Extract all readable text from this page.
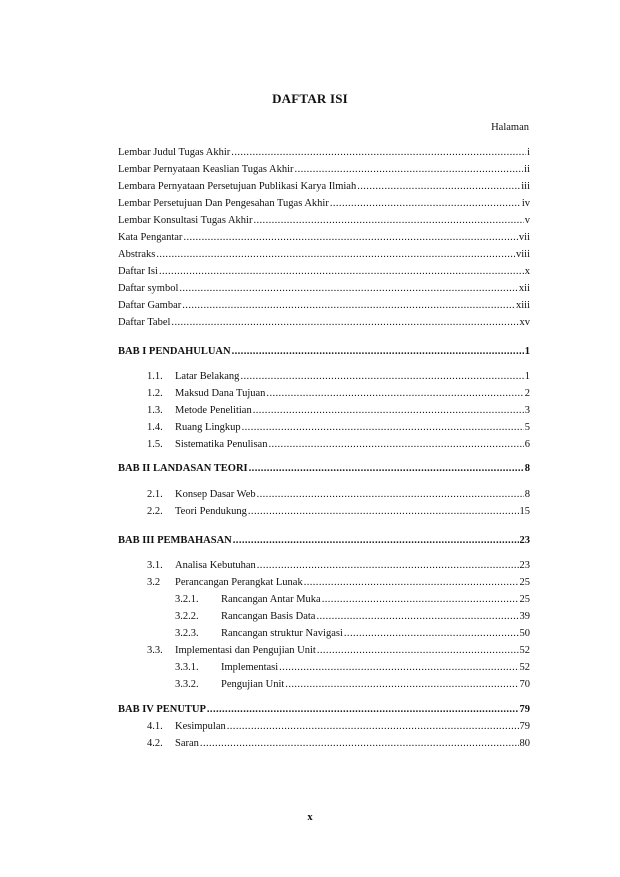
DAFTAR ISI
Halaman
Lembar Judul Tugas Akhir .....	i
Lembar Pernyataan Keaslian Tugas Akhir .....	ii
Lembara Pernyataan Persetujuan Publikasi Karya Ilmiah .....	iii
Lembar Persetujuan Dan Pengesahan Tugas Akhir .....	iv
Lembar Konsultasi Tugas Akhir .....	v
Kata Pengantar .....	vii
Abstraks .....	viii
Daftar Isi .....	x
Daftar symbol .....	xii
Daftar Gambar .....	xiii
Daftar Tabel .....	xv
BAB I PENDAHULUAN .....	1
1.1.	Latar Belakang .....	1
1.2.	Maksud Dana Tujuan .....	2
1.3.	Metode Penelitian .....	3
1.4.	Ruang Lingkup .....	5
1.5.	Sistematika Penulisan .....	6
BAB II LANDASAN TEORI .....	8
2.1.	Konsep Dasar Web .....	8
2.2.	Teori Pendukung .....	15
BAB III PEMBAHASAN .....	23
3.1.	Analisa Kebutuhan .....	23
3.2	Perancangan Perangkat Lunak .....	25
3.2.1.	Rancangan Antar Muka .....	25
3.2.2.	Rancangan Basis Data .....	39
3.2.3.	Rancangan struktur Navigasi .....	50
3.3.	Implementasi dan Pengujian Unit .....	52
3.3.1.	Implementasi .....	52
3.3.2.	Pengujian Unit .....	70
BAB IV PENUTUP .....	79
4.1.	Kesimpulan .....	79
4.2.	Saran .....	80
x
